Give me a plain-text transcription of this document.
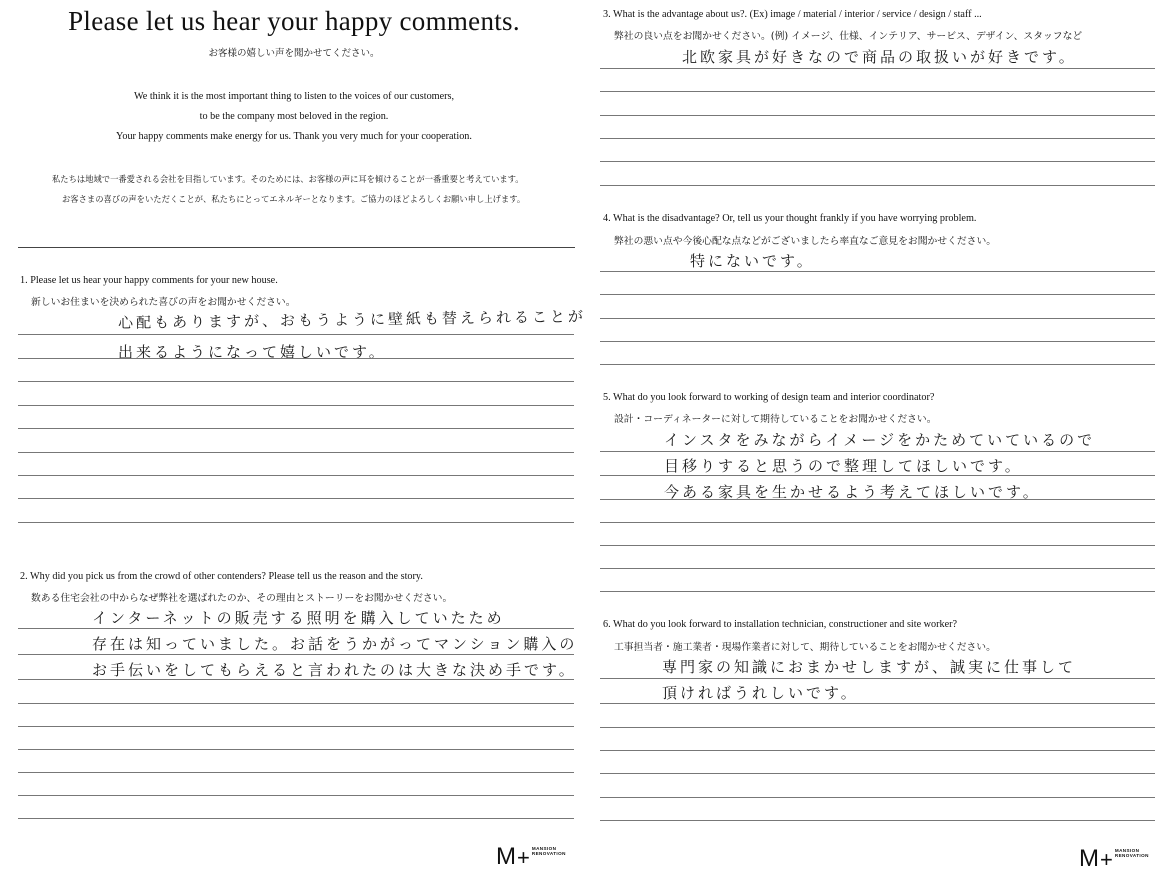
Please let us hear your happy comments.
お客様の嬉しい声を聞かせてください。
We think it is the most important thing to listen to the voices of our customers,
to be the company most beloved in the region.
Your happy comments make energy for us. Thank you very much for your cooperation.
私たちは地域で一番愛される会社を目指しています。そのためには、お客様の声に耳を傾けることが一番重要と考えています。
お客さまの喜びの声をいただくことが、私たちにとってエネルギーとなります。ご協力のほどよろしくお願い申し上げます。
1. Please let us hear your happy comments for your new house.
新しいお住まいを決められた喜びの声をお聞かせください。
心配もありますが、おもうように壁紙も替えられることが
出来るようになって嬉しいです。
2. Why did you pick us from the crowd of other contenders? Please tell us the reason and the story.
数ある住宅会社の中からなぜ弊社を選ばれたのか、その理由とストーリーをお聞かせください。
インターネットの販売する照明を購入していたため
存在は知っていました。お話をうかがってマンション購入の
お手伝いをしてもらえると言われたのは大きな決め手です。
M + MANSION
RENOVATION
3. What is the advantage about us?. (Ex) image / material / interior / service / design / staff ...
弊社の良い点をお聞かせください。(例) イメージ、仕様、インテリア、サービス、デザイン、スタッフなど
北欧家具が好きなので商品の取扱いが好きです。
4. What is the disadvantage? Or, tell us your thought frankly if you have worrying problem.
弊社の悪い点や今後心配な点などがございましたら率直なご意見をお聞かせください。
特にないです。
5. What do you look forward to working of design team and interior coordinator?
設計・コーディネーターに対して期待していることをお聞かせください。
インスタをみながらイメージをかためていているので
目移りすると思うので整理してほしいです。
今ある家具を生かせるよう考えてほしいです。
6. What do you look forward to installation technician, constructioner and site worker?
工事担当者・施工業者・現場作業者に対して、期待していることをお聞かせください。
専門家の知識におまかせしますが、誠実に仕事して
頂ければうれしいです。
M + MANSION
RENOVATION
